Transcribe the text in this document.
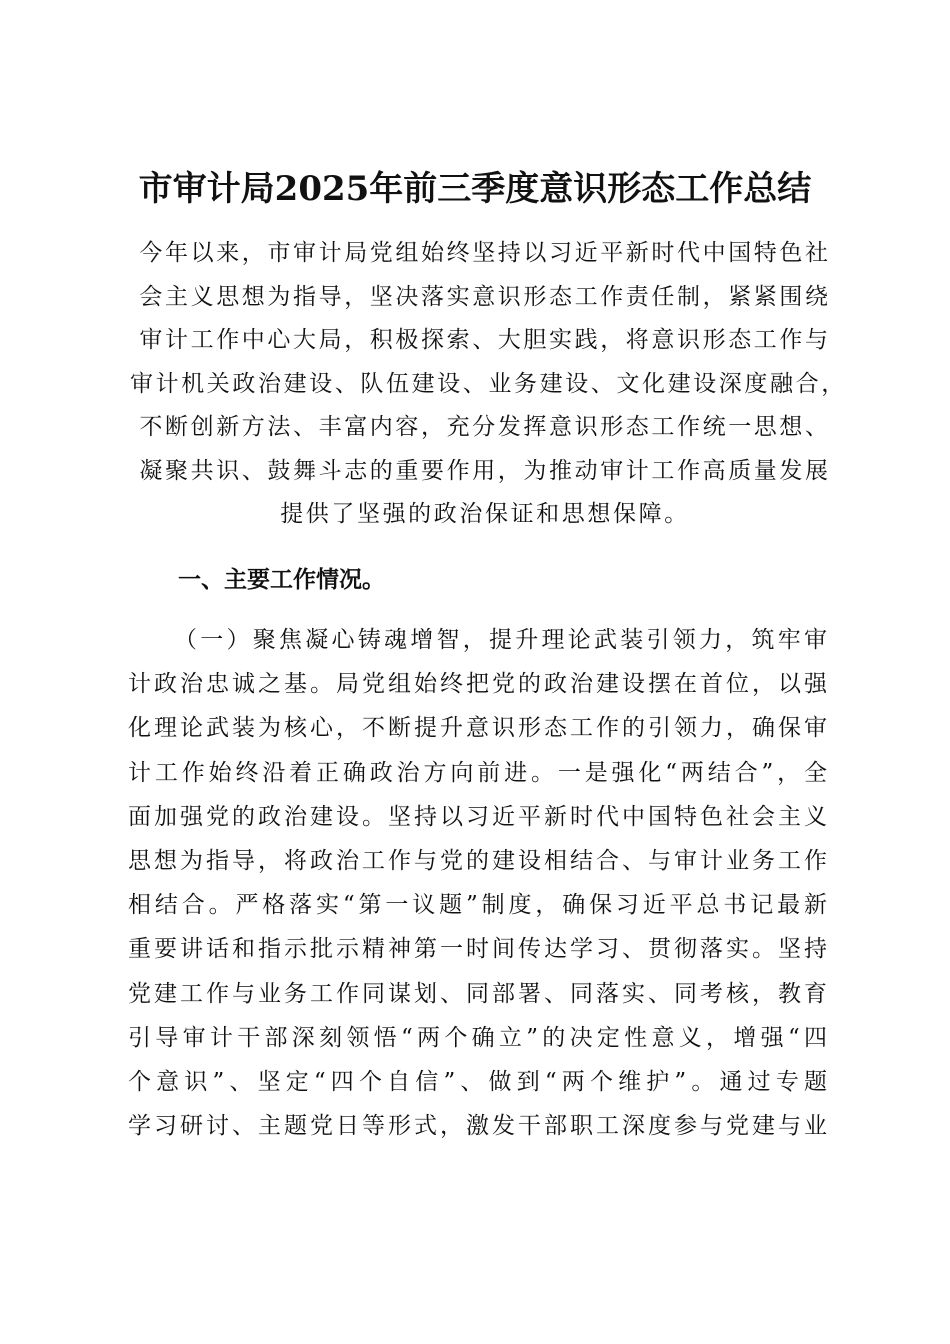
市审计局2025年前三季度意识形态工作总结
今年以来，市审计局党组始终坚持以习近平新时代中国特色社
会主义思想为指导，坚决落实意识形态工作责任制，紧紧围绕
审计工作中心大局，积极探索、大胆实践，将意识形态工作与
审计机关政治建设、队伍建设、业务建设、文化建设深度融合，
不断创新方法、丰富内容，充分发挥意识形态工作统一思想、
凝聚共识、鼓舞斗志的重要作用，为推动审计工作高质量发展
提供了坚强的政治保证和思想保障。
一、主要工作情况。
（一）聚焦凝心铸魂增智，提升理论武装引领力，筑牢审
计政治忠诚之基。局党组始终把党的政治建设摆在首位，以强
化理论武装为核心，不断提升意识形态工作的引领力，确保审
计工作始终沿着正确政治方向前进。一是强化“两结合”，全
面加强党的政治建设。坚持以习近平新时代中国特色社会主义
思想为指导，将政治工作与党的建设相结合、与审计业务工作
相结合。严格落实“第一议题”制度，确保习近平总书记最新
重要讲话和指示批示精神第一时间传达学习、贯彻落实。坚持
党建工作与业务工作同谋划、同部署、同落实、同考核，教育
引导审计干部深刻领悟“两个确立”的决定性意义，增强“四
个意识”、坚定“四个自信”、做到“两个维护”。通过专题
学习研讨、主题党日等形式，激发干部职工深度参与党建与业
